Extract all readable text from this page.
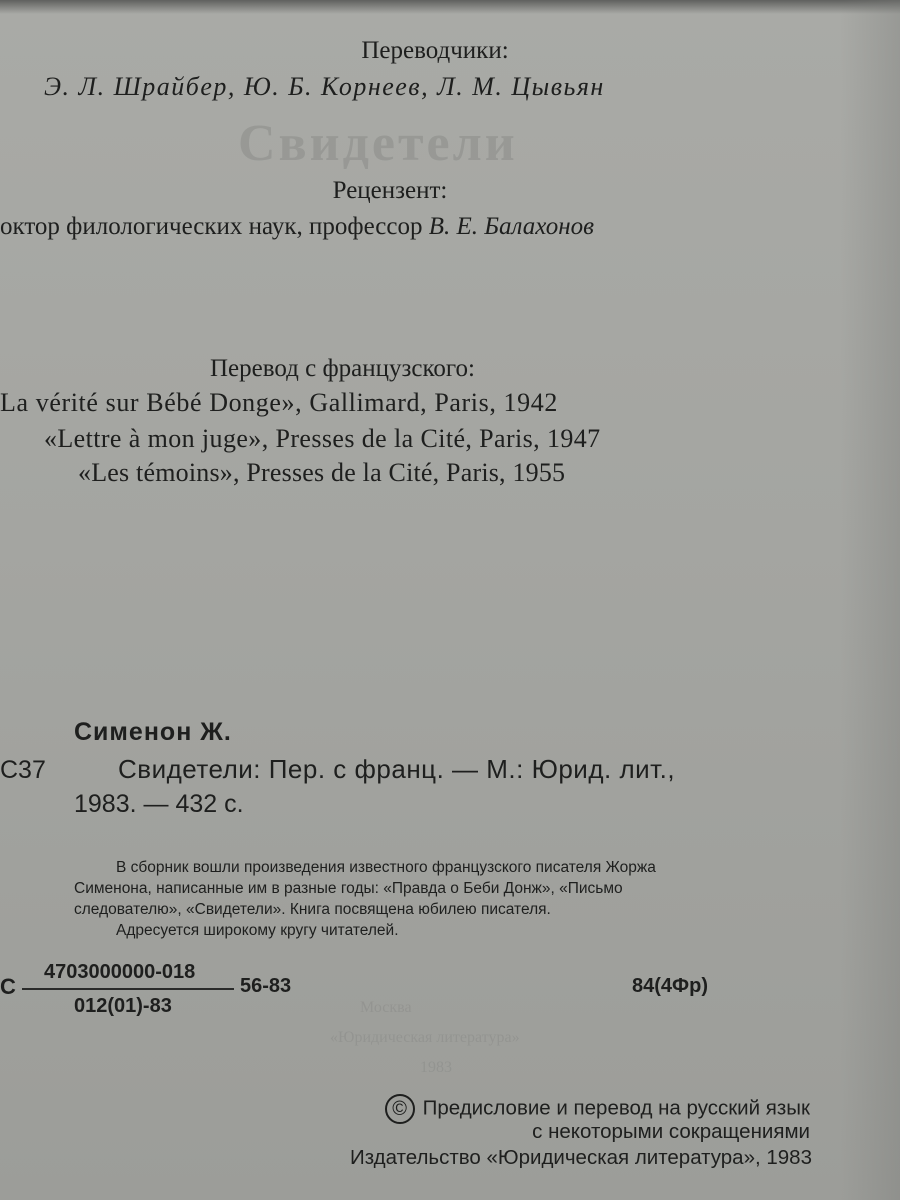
Свидетели
Москва
«Юридическая литература»
1983
Переводчики:
Э. Л. Шрайбер, Ю. Б. Корнеев, Л. М. Цывьян
Рецензент:
октор филологических наук, профессор В. Е. Балахонов
Перевод с французского:
La vérité sur Bébé Donge», Gallimard, Paris, 1942
«Lettre à mon juge», Presses de la Cité, Paris, 1947
«Les témoins», Presses de la Cité, Paris, 1955
Сименон Ж.
С37	Свидетели: Пер. с франц. — М.: Юрид. лит.,
1983. — 432 с.
В сборник вошли произведения известного французского писателя Жоржа
Сименона, написанные им в разные годы: «Правда о Беби Донж», «Письмо
следователю», «Свидетели». Книга посвящена юбилею писателя.
Адресуется широкому кругу читателей.
С
4703000000-018
012(01)-83
56-83	84(4Фр)
© Предисловие и перевод на русский язык
с некоторыми сокращениями
Издательство «Юридическая литература», 1983
